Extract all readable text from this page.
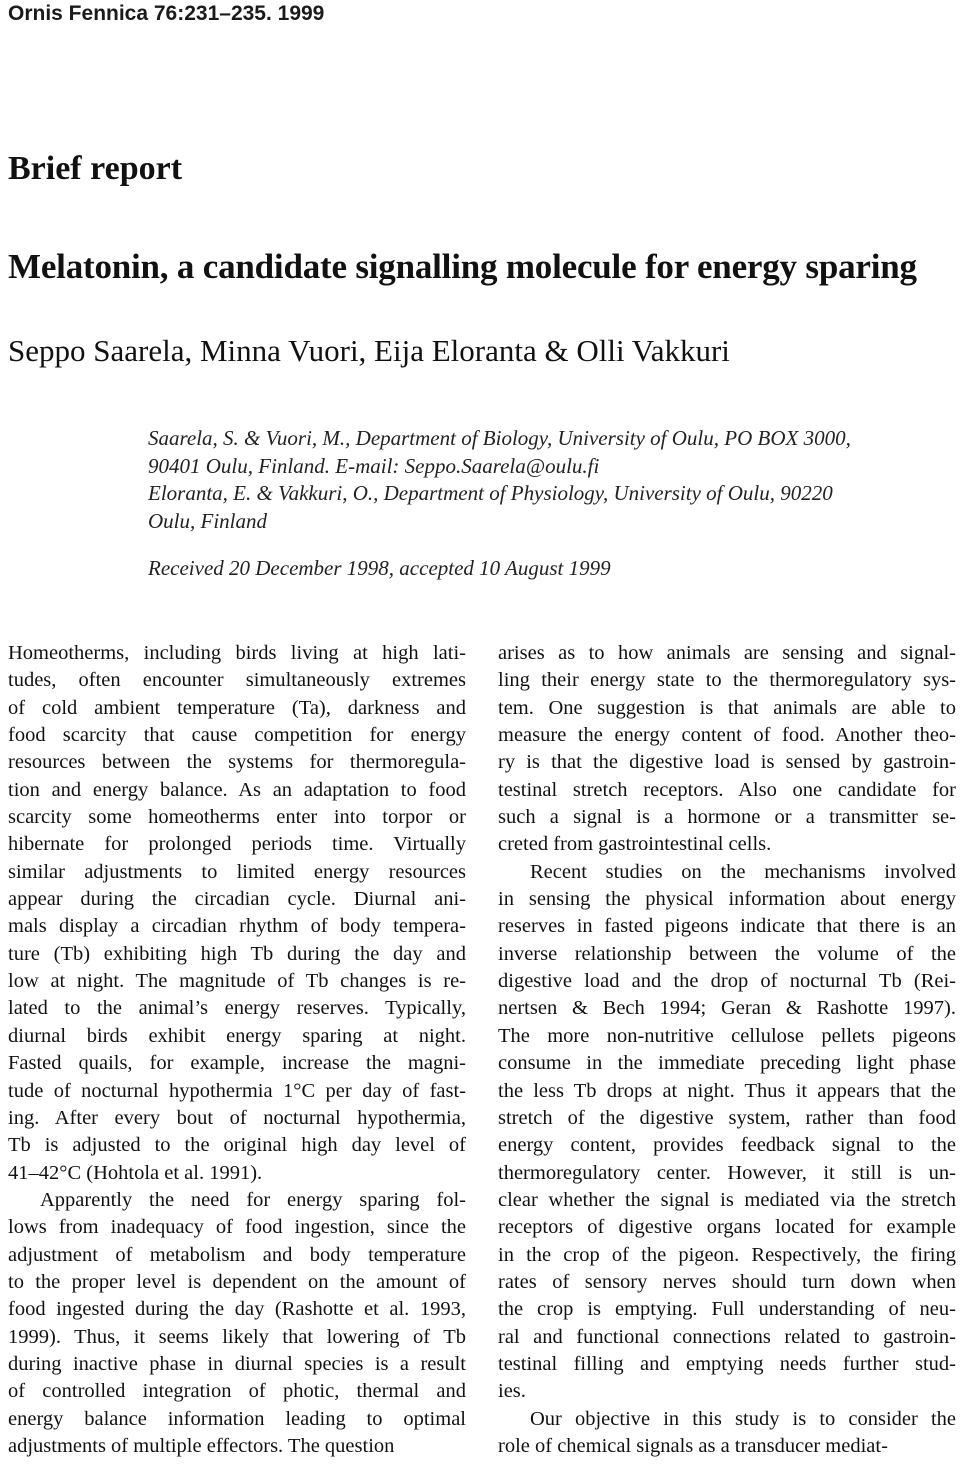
Ornis Fennica 76:231–235. 1999
Brief report
Melatonin, a candidate signalling molecule for energy sparing
Seppo Saarela, Minna Vuori, Eija Eloranta & Olli Vakkuri
Saarela, S. & Vuori, M., Department of Biology, University of Oulu, PO BOX 3000,
90401 Oulu, Finland. E-mail: Seppo.Saarela@oulu.fi
Eloranta, E. & Vakkuri, O., Department of Physiology, University of Oulu, 90220
Oulu, Finland
Received 20 December 1998, accepted 10 August 1999
Homeotherms, including birds living at high lati-
tudes, often encounter simultaneously extremes
of cold ambient temperature (Ta), darkness and
food scarcity that cause competition for energy
resources between the systems for thermoregula-
tion and energy balance. As an adaptation to food
scarcity some homeotherms enter into torpor or
hibernate for prolonged periods time. Virtually
similar adjustments to limited energy resources
appear during the circadian cycle. Diurnal ani-
mals display a circadian rhythm of body tempera-
ture (Tb) exhibiting high Tb during the day and
low at night. The magnitude of Tb changes is re-
lated to the animal’s energy reserves. Typically,
diurnal birds exhibit energy sparing at night.
Fasted quails, for example, increase the magni-
tude of nocturnal hypothermia 1°C per day of fast-
ing. After every bout of nocturnal hypothermia,
Tb is adjusted to the original high day level of
41–42°C (Hohtola et al. 1991).
Apparently the need for energy sparing fol-
lows from inadequacy of food ingestion, since the
adjustment of metabolism and body temperature
to the proper level is dependent on the amount of
food ingested during the day (Rashotte et al. 1993,
1999). Thus, it seems likely that lowering of Tb
during inactive phase in diurnal species is a result
of controlled integration of photic, thermal and
energy balance information leading to optimal
adjustments of multiple effectors. The question
arises as to how animals are sensing and signal-
ling their energy state to the thermoregulatory sys-
tem. One suggestion is that animals are able to
measure the energy content of food. Another theo-
ry is that the digestive load is sensed by gastroin-
testinal stretch receptors. Also one candidate for
such a signal is a hormone or a transmitter se-
creted from gastrointestinal cells.
Recent studies on the mechanisms involved
in sensing the physical information about energy
reserves in fasted pigeons indicate that there is an
inverse relationship between the volume of the
digestive load and the drop of nocturnal Tb (Rei-
nertsen & Bech 1994; Geran & Rashotte 1997).
The more non-nutritive cellulose pellets pigeons
consume in the immediate preceding light phase
the less Tb drops at night. Thus it appears that the
stretch of the digestive system, rather than food
energy content, provides feedback signal to the
thermoregulatory center. However, it still is un-
clear whether the signal is mediated via the stretch
receptors of digestive organs located for example
in the crop of the pigeon. Respectively, the firing
rates of sensory nerves should turn down when
the crop is emptying. Full understanding of neu-
ral and functional connections related to gastroin-
testinal filling and emptying needs further stud-
ies.
Our objective in this study is to consider the
role of chemical signals as a transducer mediat-
